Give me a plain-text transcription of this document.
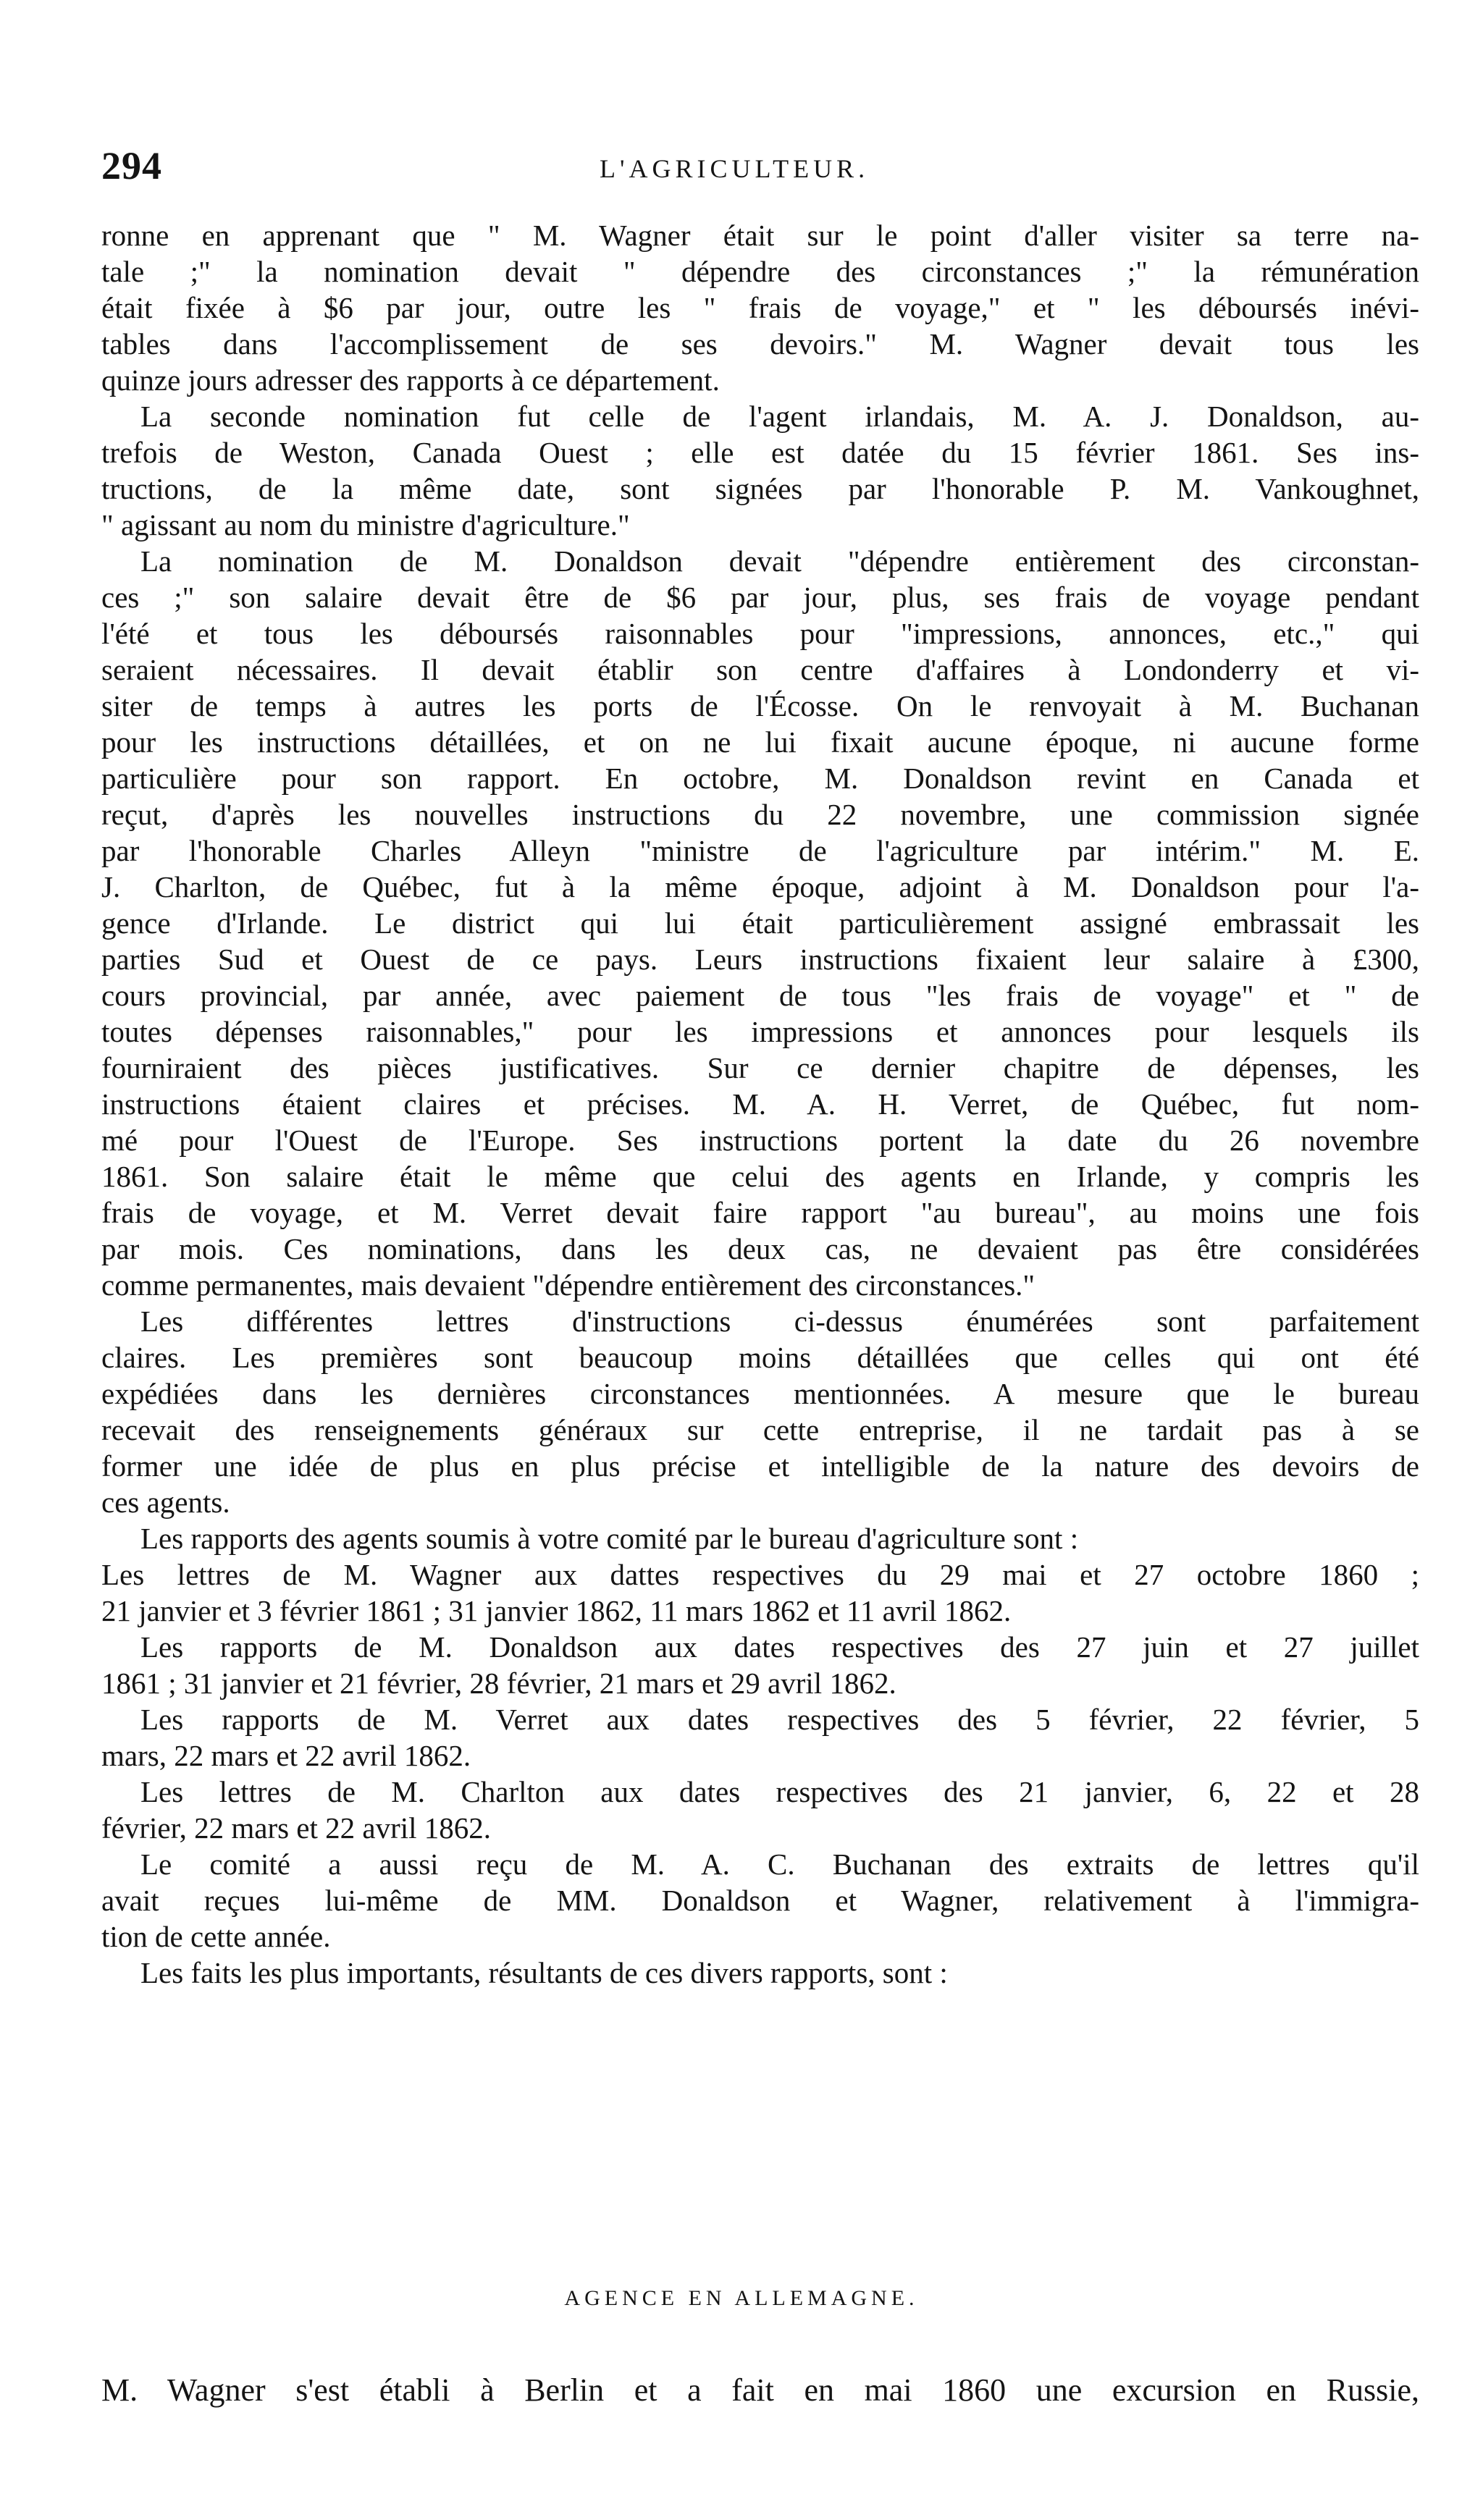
294	L'AGRICULTEUR.

ronne en apprenant que " M. Wagner était sur le point d'aller visiter sa terre na-
tale ;" la nomination devait " dépendre des circonstances ;" la rémunération
était fixée à $6 par jour, outre les " frais de voyage," et " les déboursés inévi-
tables dans l'accomplissement de ses devoirs." M. Wagner devait tous les
quinze jours adresser des rapports à ce département.

La seconde nomination fut celle de l'agent irlandais, M. A. J. Donaldson, au-
trefois de Weston, Canada Ouest ; elle est datée du 15 février 1861. Ses ins-
tructions, de la même date, sont signées par l'honorable P. M. Vankoughnet,
" agissant au nom du ministre d'agriculture."

La nomination de M. Donaldson devait "dépendre entièrement des circonstan-
ces ;" son salaire devait être de $6 par jour, plus, ses frais de voyage pendant
l'été et tous les déboursés raisonnables pour "impressions, annonces, etc.," qui
seraient nécessaires. Il devait établir son centre d'affaires à Londonderry et vi-
siter de temps à autres les ports de l'Écosse. On le renvoyait à M. Buchanan
pour les instructions détaillées, et on ne lui fixait aucune époque, ni aucune forme
particulière pour son rapport. En octobre, M. Donaldson revint en Canada et
reçut, d'après les nouvelles instructions du 22 novembre, une commission signée
par l'honorable Charles Alleyn "ministre de l'agriculture par intérim." M. E.
J. Charlton, de Québec, fut à la même époque, adjoint à M. Donaldson pour l'a-
gence d'Irlande. Le district qui lui était particulièrement assigné embrassait les
parties Sud et Ouest de ce pays. Leurs instructions fixaient leur salaire à £300,
cours provincial, par année, avec paiement de tous "les frais de voyage" et " de
toutes dépenses raisonnables," pour les impressions et annonces pour lesquels ils
fourniraient des pièces justificatives. Sur ce dernier chapitre de dépenses, les
instructions étaient claires et précises. M. A. H. Verret, de Québec, fut nom-
mé pour l'Ouest de l'Europe. Ses instructions portent la date du 26 novembre
1861. Son salaire était le même que celui des agents en Irlande, y compris les
frais de voyage, et M. Verret devait faire rapport "au bureau", au moins une fois
par mois. Ces nominations, dans les deux cas, ne devaient pas être considérées
comme permanentes, mais devaient "dépendre entièrement des circonstances."

Les différentes lettres d'instructions ci-dessus énumérées sont parfaitement
claires. Les premières sont beaucoup moins détaillées que celles qui ont été
expédiées dans les dernières circonstances mentionnées. A mesure que le bureau
recevait des renseignements généraux sur cette entreprise, il ne tardait pas à se
former une idée de plus en plus précise et intelligible de la nature des devoirs de
ces agents.

Les rapports des agents soumis à votre comité par le bureau d'agriculture sont :

Les lettres de M. Wagner aux dattes respectives du 29 mai et 27 octobre 1860 ;
21 janvier et 3 février 1861 ; 31 janvier 1862, 11 mars 1862 et 11 avril 1862.

Les rapports de M. Donaldson aux dates respectives des 27 juin et 27 juillet
1861 ; 31 janvier et 21 février, 28 février, 21 mars et 29 avril 1862.

Les rapports de M. Verret aux dates respectives des 5 février, 22 février, 5
mars, 22 mars et 22 avril 1862.

Les lettres de M. Charlton aux dates respectives des 21 janvier, 6, 22 et 28
février, 22 mars et 22 avril 1862.

Le comité a aussi reçu de M. A. C. Buchanan des extraits de lettres qu'il
avait reçues lui-même de MM. Donaldson et Wagner, relativement à l'immigra-
tion de cette année.

Les faits les plus importants, résultants de ces divers rapports, sont :

AGENCE EN ALLEMAGNE.
M. Wagner s'est établi à Berlin et a fait en mai 1860 une excursion en Russie,
